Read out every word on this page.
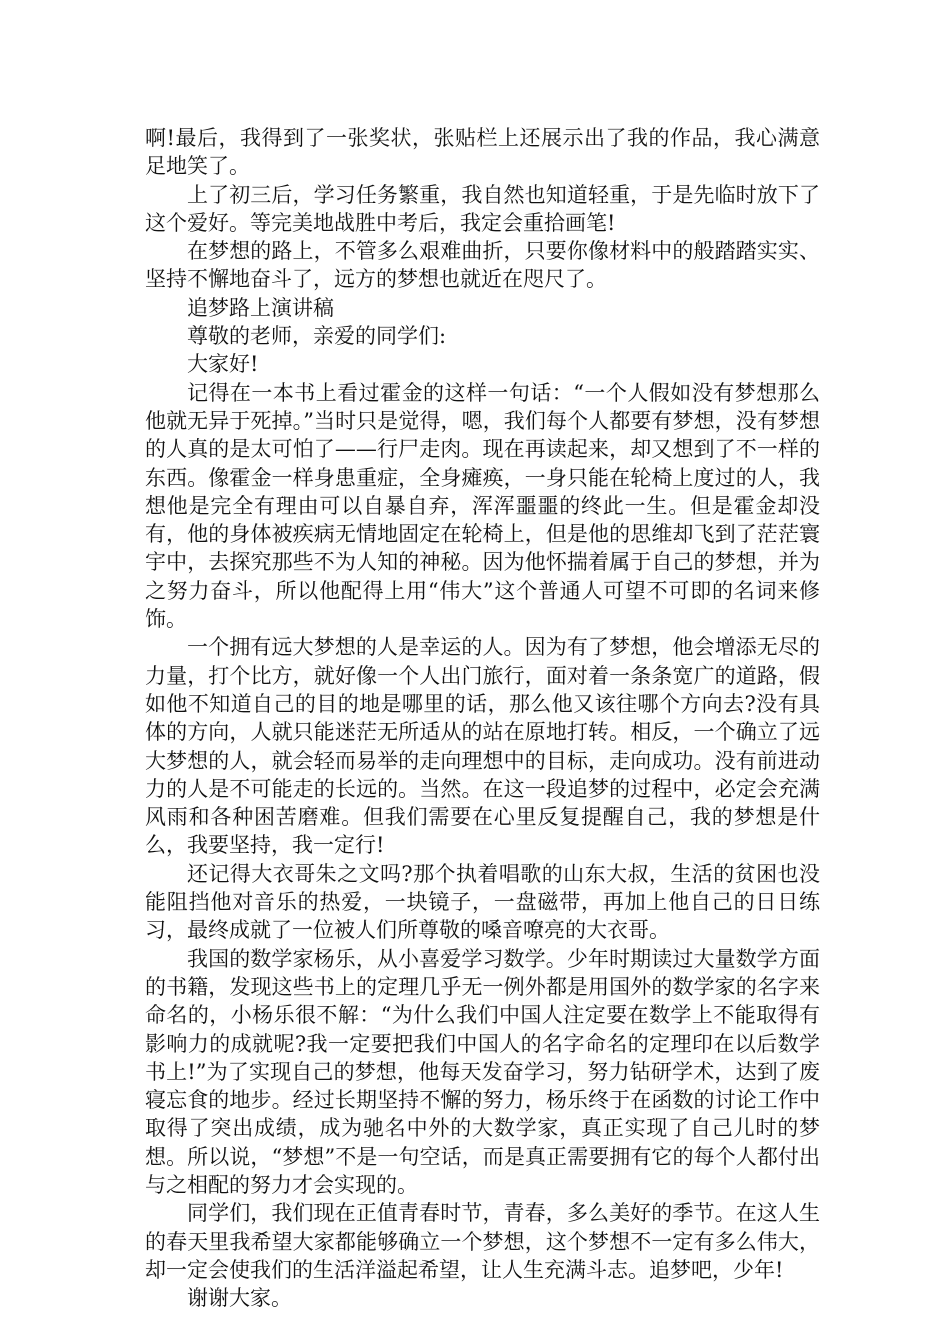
啊!最后，我得到了一张奖状，张贴栏上还展示出了我的作品，我心满意足地笑了。

上了初三后，学习任务繁重，我自然也知道轻重，于是先临时放下了这个爱好。等完美地战胜中考后，我定会重拾画笔!

在梦想的路上，不管多么艰难曲折，只要你像材料中的般踏踏实实、坚持不懈地奋斗了，远方的梦想也就近在咫尺了。

追梦路上演讲稿

尊敬的老师，亲爱的同学们:

大家好!

记得在一本书上看过霍金的这样一句话：“一个人假如没有梦想那么他就无异于死掉。”当时只是觉得，嗯，我们每个人都要有梦想，没有梦想的人真的是太可怕了——行尸走肉。现在再读起来，却又想到了不一样的东西。像霍金一样身患重症，全身瘫痪，一身只能在轮椅上度过的人，我想他是完全有理由可以自暴自弃，浑浑噩噩的终此一生。但是霍金却没有，他的身体被疾病无情地固定在轮椅上，但是他的思维却飞到了茫茫寰宇中，去探究那些不为人知的神秘。因为他怀揣着属于自己的梦想，并为之努力奋斗，所以他配得上用“伟大”这个普通人可望不可即的名词来修饰。

一个拥有远大梦想的人是幸运的人。因为有了梦想，他会增添无尽的力量，打个比方，就好像一个人出门旅行，面对着一条条宽广的道路，假如他不知道自己的目的地是哪里的话，那么他又该往哪个方向去?没有具体的方向，人就只能迷茫无所适从的站在原地打转。相反，一个确立了远大梦想的人，就会轻而易举的走向理想中的目标，走向成功。没有前进动力的人是不可能走的长远的。当然。在这一段追梦的过程中，必定会充满风雨和各种困苦磨难。但我们需要在心里反复提醒自己，我的梦想是什么，我要坚持，我一定行!

还记得大衣哥朱之文吗?那个执着唱歌的山东大叔，生活的贫困也没能阻挡他对音乐的热爱，一块镜子，一盘磁带，再加上他自己的日日练习，最终成就了一位被人们所尊敬的嗓音嘹亮的大衣哥。

我国的数学家杨乐，从小喜爱学习数学。少年时期读过大量数学方面的书籍，发现这些书上的定理几乎无一例外都是用国外的数学家的名字来命名的，小杨乐很不解：“为什么我们中国人注定要在数学上不能取得有影响力的成就呢?我一定要把我们中国人的名字命名的定理印在以后数学书上!”为了实现自己的梦想，他每天发奋学习，努力钻研学术，达到了废寝忘食的地步。经过长期坚持不懈的努力，杨乐终于在函数的讨论工作中取得了突出成绩，成为驰名中外的大数学家，真正实现了自己儿时的梦想。所以说，“梦想”不是一句空话，而是真正需要拥有它的每个人都付出与之相配的努力才会实现的。

同学们，我们现在正值青春时节，青春，多么美好的季节。在这人生的春天里我希望大家都能够确立一个梦想，这个梦想不一定有多么伟大，却一定会使我们的生活洋溢起希望，让人生充满斗志。追梦吧，少年!

谢谢大家。
